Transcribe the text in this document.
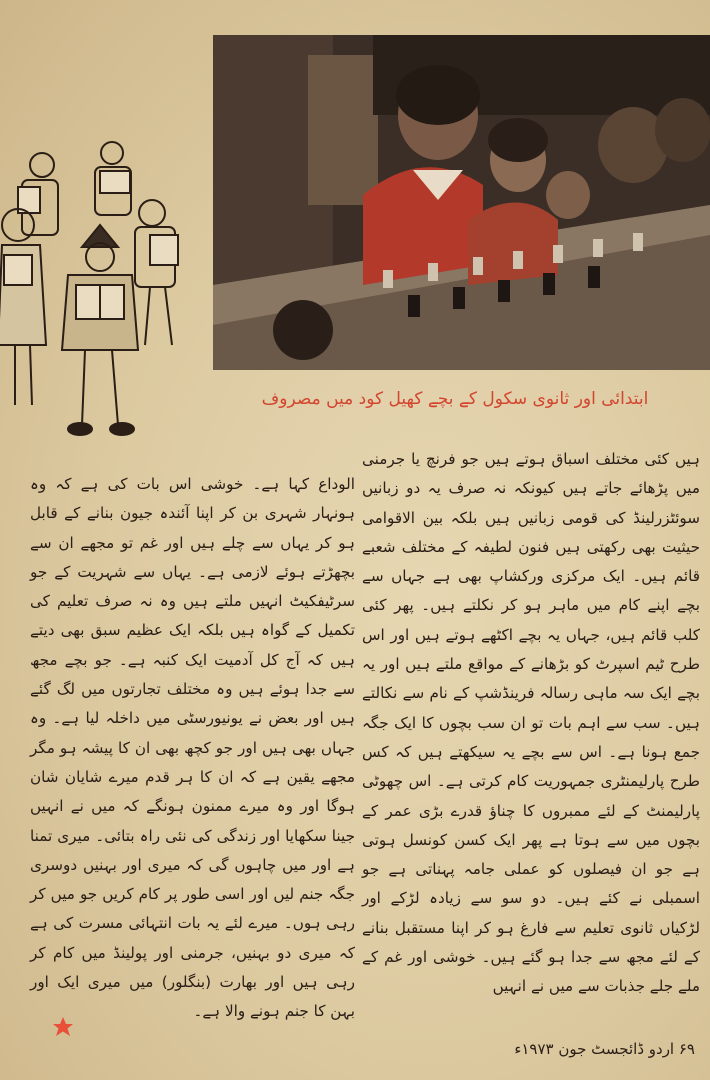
ابتدائی اور ثانوی سکول کے بچے کھیل کود میں مصروف
ہیں کئی مختلف اسباق ہوتے ہیں جو فرنچ یا جرمنی میں پڑھائے جاتے ہیں کیونکہ نہ صرف یہ دو زبانیں سوئٹزرلینڈ کی قومی زبانیں ہیں بلکہ بین الاقوامی حیثیت بھی رکھتی ہیں فنون لطیفہ کے مختلف شعبے قائم ہیں۔ ایک مرکزی ورکشاپ بھی ہے جہاں سے بچے اپنے کام میں ماہر ہو کر نکلتے ہیں۔ پھر کئی کلب قائم ہیں، جہاں یہ بچے اکٹھے ہوتے ہیں اور اس طرح ٹیم اسپرٹ کو بڑھانے کے مواقع ملتے ہیں اور یہ بچے ایک سہ ماہی رسالہ فرینڈشپ کے نام سے نکالتے ہیں۔ سب سے اہم بات تو ان سب بچوں کا ایک جگہ جمع ہونا ہے۔ اس سے بچے یہ سیکھتے ہیں کہ کس طرح پارلیمنٹری جمہوریت کام کرتی ہے۔ اس چھوٹی پارلیمنٹ کے لئے ممبروں کا چناؤ قدرے بڑی عمر کے بچوں میں سے ہوتا ہے پھر ایک کسن کونسل ہوتی ہے جو ان فیصلوں کو عملی جامہ پہناتی ہے جو اسمبلی نے کئے ہیں۔ دو سو سے زیادہ لڑکے اور لڑکیاں ثانوی تعلیم سے فارغ ہو کر اپنا مستقبل بنانے کے لئے مجھ سے جدا ہو گئے ہیں۔ خوشی اور غم کے ملے جلے جذبات سے میں نے انہیں
الوداع کہا ہے۔ خوشی اس بات کی ہے کہ وہ ہونہار شہری بن کر اپنا آئندہ جیون بنانے کے قابل ہو کر یہاں سے چلے ہیں اور غم تو مجھے ان سے بچھڑتے ہوئے لازمی ہے۔ یہاں سے شہریت کے جو سرٹیفکیٹ انہیں ملتے ہیں وہ نہ صرف تعلیم کی تکمیل کے گواہ ہیں بلکہ ایک عظیم سبق بھی دیتے ہیں کہ آج کل آدمیت ایک کنبہ ہے۔ جو بچے مجھ سے جدا ہوئے ہیں وہ مختلف تجارتوں میں لگ گئے ہیں اور بعض نے یونیورسٹی میں داخلہ لیا ہے۔ وہ جہاں بھی ہیں اور جو کچھ بھی ان کا پیشہ ہو مگر مجھے یقین ہے کہ ان کا ہر قدم میرے شایان شان ہوگا اور وہ میرے ممنون ہونگے کہ میں نے انہیں جینا سکھایا اور زندگی کی نئی راہ بتائی۔ میری تمنا ہے اور میں چاہوں گی کہ میری اور بہنیں دوسری جگہ جنم لیں اور اسی طور پر کام کریں جو میں کر رہی ہوں۔ میرے لئے یہ بات انتہائی مسرت کی ہے کہ میری دو بہنیں، جرمنی اور پولینڈ میں کام کر رہی ہیں اور بھارت (بنگلور) میں میری ایک اور بہن کا جنم ہونے والا ہے۔
۶۹ اردو ڈائجسٹ جون ۱۹۷۳ء
